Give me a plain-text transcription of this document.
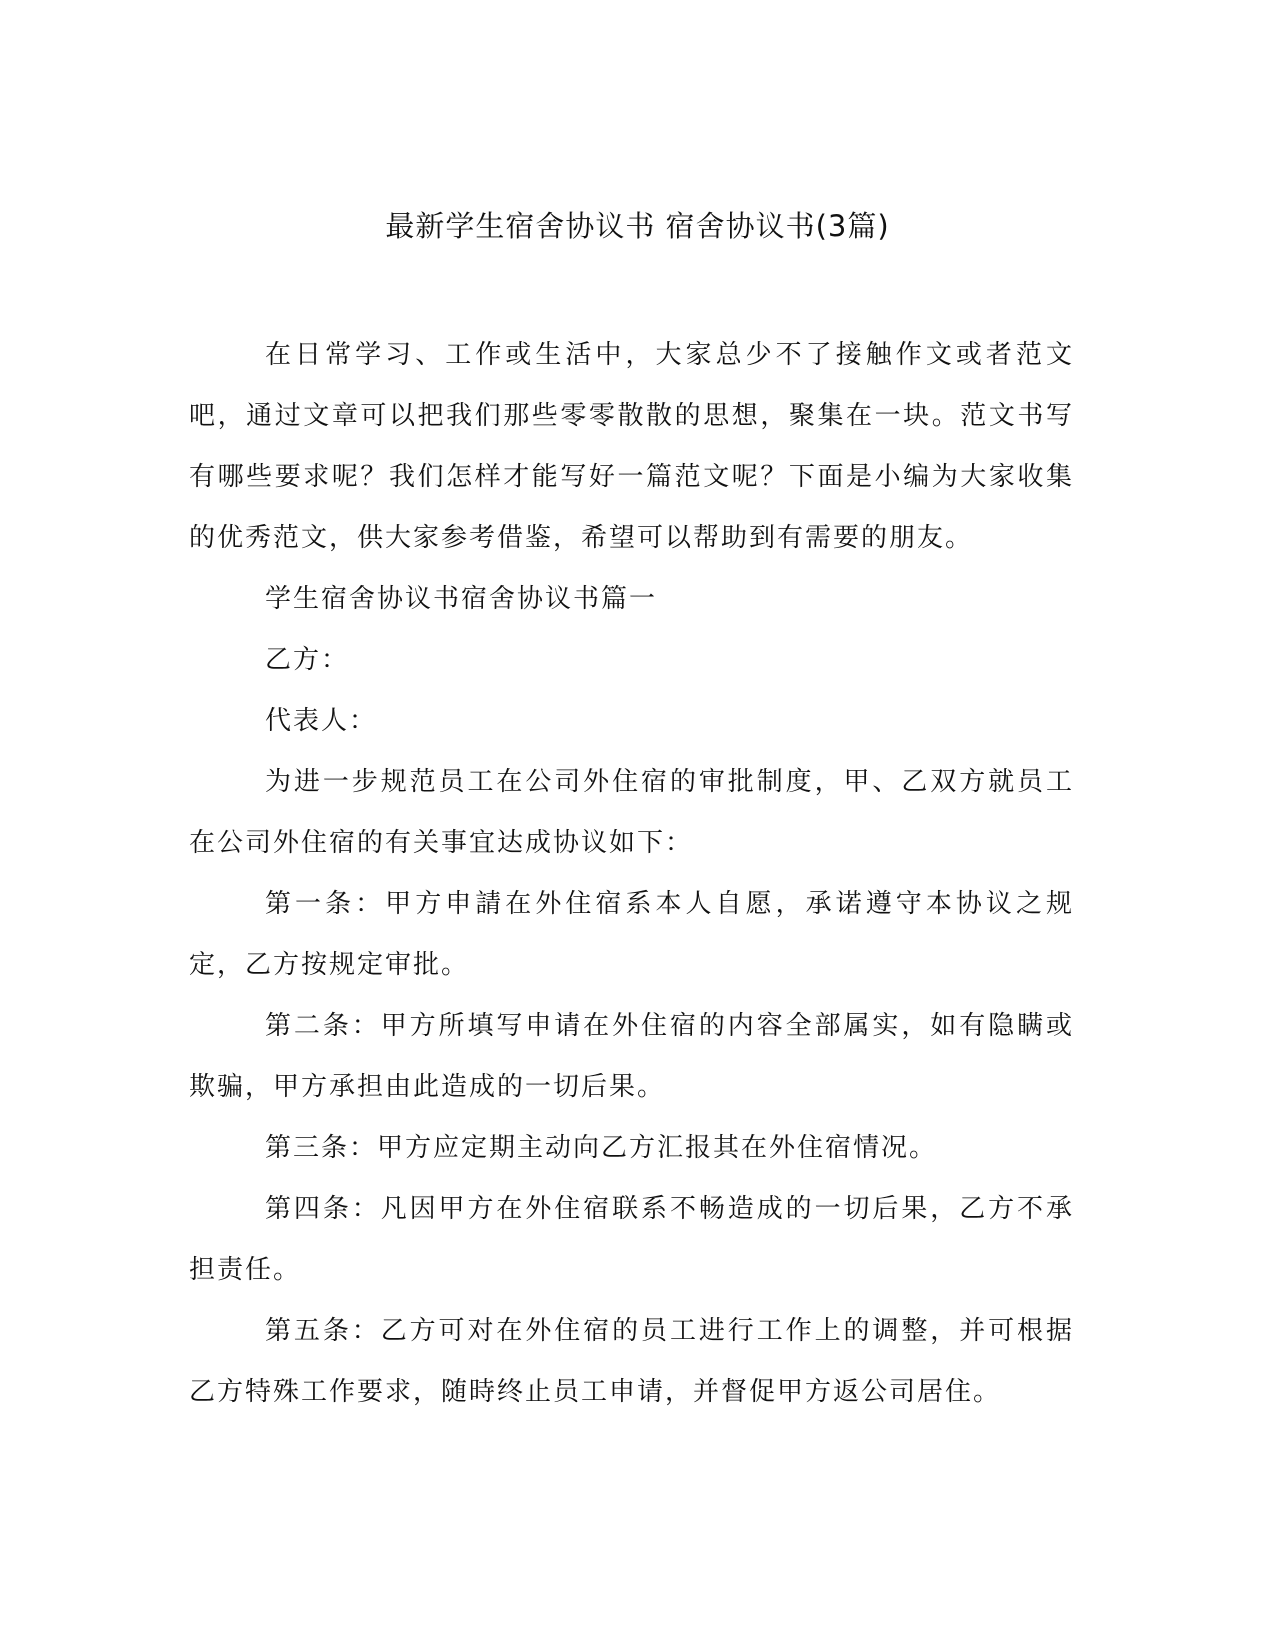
最新学生宿舍协议书 宿舍协议书(3篇)

在日常学习、工作或生活中，大家总少不了接触作文或者范文吧，通过文章可以把我们那些零零散散的思想，聚集在一块。范文书写有哪些要求呢？我们怎样才能写好一篇范文呢？下面是小编为大家收集的优秀范文，供大家参考借鉴，希望可以帮助到有需要的朋友。

学生宿舍协议书宿舍协议书篇一

乙方：

代表人：

为进一步规范员工在公司外住宿的审批制度，甲、乙双方就员工在公司外住宿的有关事宜达成协议如下：

第一条：甲方申請在外住宿系本人自愿，承诺遵守本协议之规定，乙方按规定审批。

第二条：甲方所填写申请在外住宿的内容全部属实，如有隐瞒或欺骗，甲方承担由此造成的一切后果。

第三条：甲方应定期主动向乙方汇报其在外住宿情况。

第四条：凡因甲方在外住宿联系不畅造成的一切后果，乙方不承担责任。

第五条：乙方可对在外住宿的员工进行工作上的调整，并可根据乙方特殊工作要求，随時终止员工申请，并督促甲方返公司居住。
